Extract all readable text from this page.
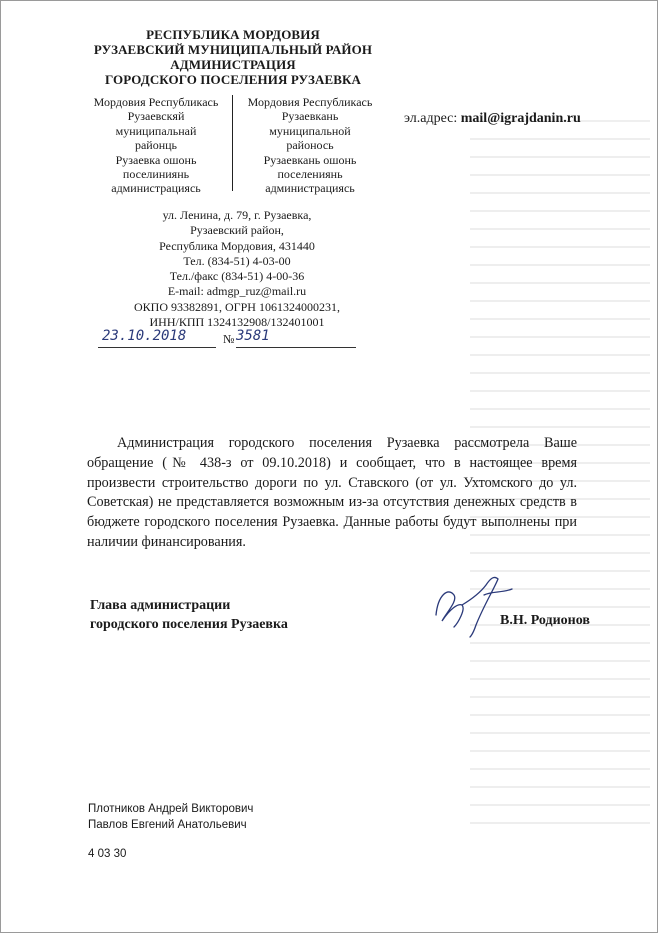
РЕСПУБЛИКА МОРДОВИЯ
РУЗАЕВСКИЙ МУНИЦИПАЛЬНЫЙ РАЙОН
АДМИНИСТРАЦИЯ
ГОРОДСКОГО ПОСЕЛЕНИЯ РУЗАЕВКА
Мордовия Республикась
Рузаевскяй
муниципальнай
районць
Рузаевка ошонь
поселиниянь
администрациясь
Мордовия Республикась
Рузаевкань
муниципальной
районось
Рузаевкань ошонь
поселениянь
администрациясь
эл.адрес: mail@igrajdanin.ru
ул. Ленина, д. 79, г. Рузаевка,
Рузаевский район,
Республика Мордовия, 431440
Тел. (834-51) 4-03-00
Тел./факс (834-51) 4-00-36
E-mail: admgp_ruz@mail.ru
ОКПО 93382891, ОГРН 1061324000231,
ИНН/КПП 1324132908/132401001
23.10.2018	№ 3581
Администрация городского поселения Рузаевка рассмотрела Ваше обращение (№ 438-з от 09.10.2018) и сообщает, что в настоящее время произвести строительство дороги по ул. Ставского (от ул. Ухтомского до ул. Советская) не представляется возможным из-за отсутствия денежных средств в бюджете городского поселения Рузаевка. Данные работы будут выполнены при наличии финансирования.
Глава администрации
городского поселения Рузаевка	В.Н. Родионов
Плотников Андрей Викторович
Павлов Евгений Анатольевич
4 03 30
